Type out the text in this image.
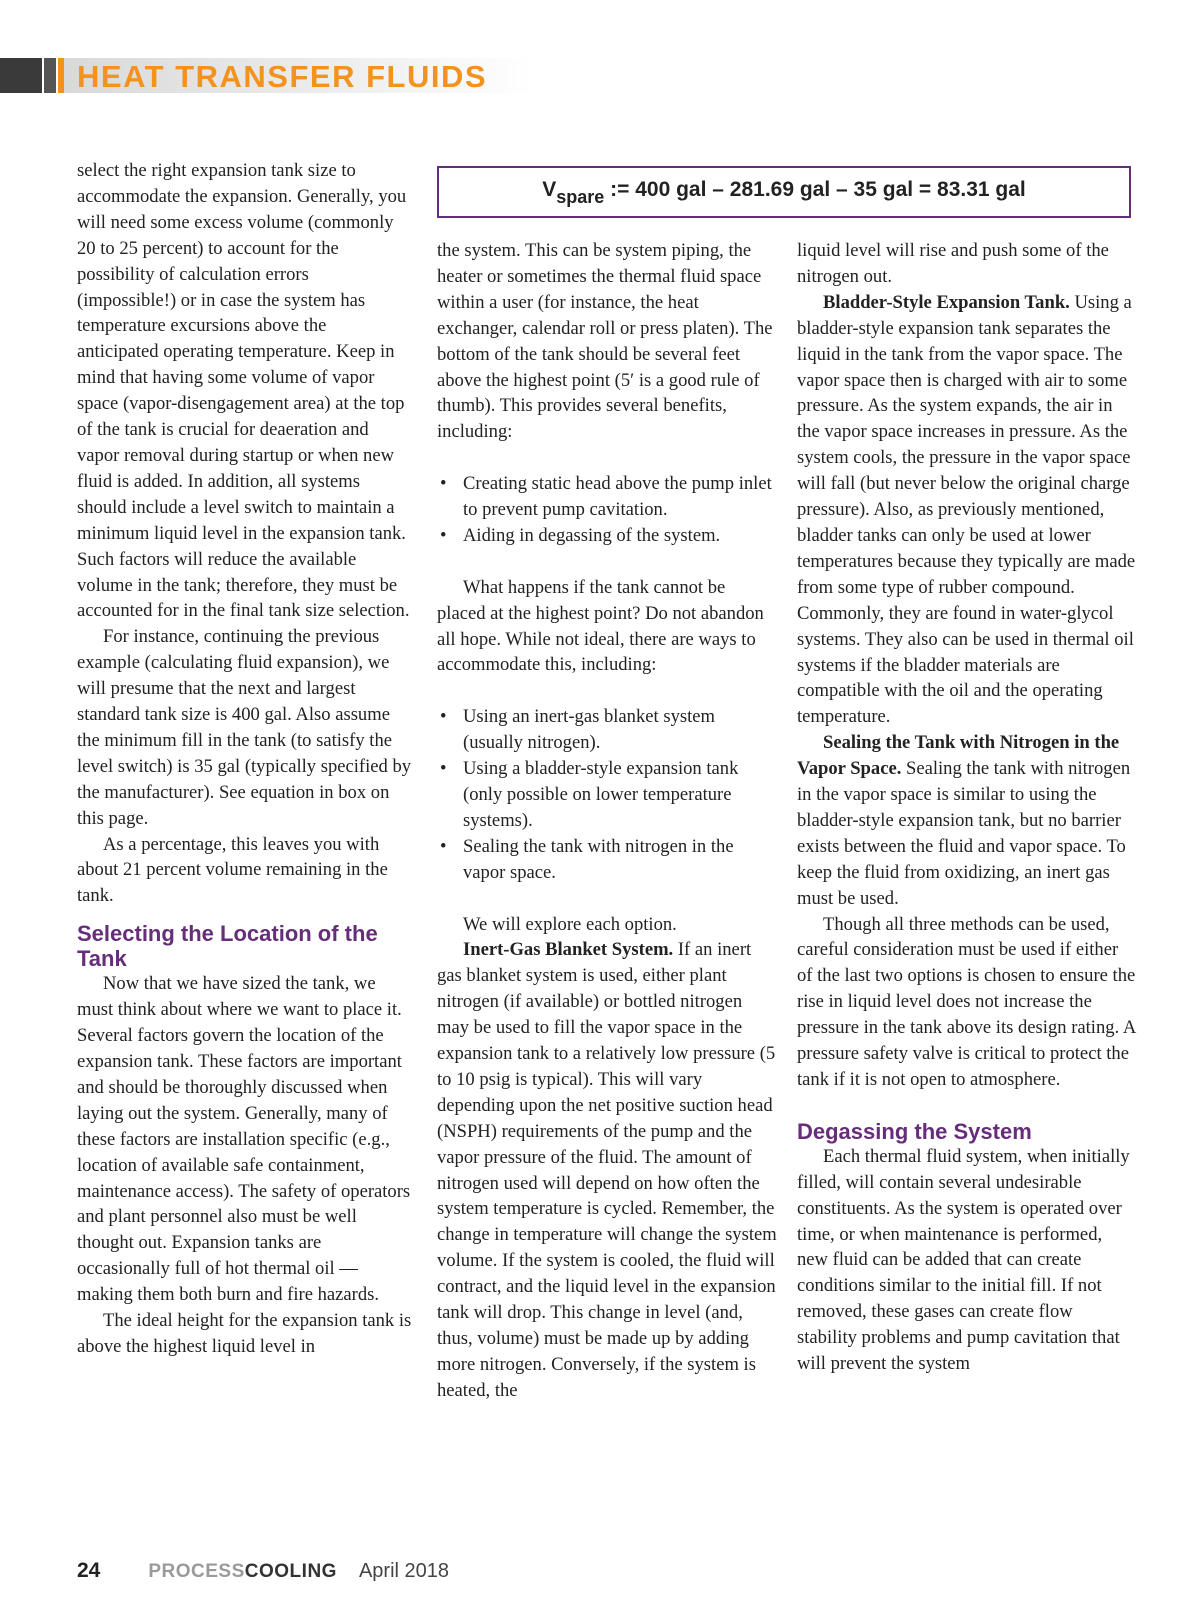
HEAT TRANSFER FLUIDS
$V_{spare}$ := 400 gal – 281.69 gal – 35 gal = 83.31 gal

select the right expansion tank size to accommodate the expansion. Generally, you will need some excess volume (commonly 20 to 25 percent) to account for the possibility of calculation errors (impossible!) or in case the system has temperature excursions above the anticipated operating temperature. Keep in mind that having some volume of vapor space (vapor-disengagement area) at the top of the tank is crucial for deaeration and vapor removal during startup or when new fluid is added. In addition, all systems should include a level switch to maintain a minimum liquid level in the expansion tank. Such factors will reduce the available volume in the tank; therefore, they must be accounted for in the final tank size selection.

For instance, continuing the previous example (calculating fluid expansion), we will presume that the next and largest standard tank size is 400 gal. Also assume the minimum fill in the tank (to satisfy the level switch) is 35 gal (typically specified by the manufacturer). See equation in box on this page.

As a percentage, this leaves you with about 21 percent volume remaining in the tank.

Selecting the Location of the Tank

Now that we have sized the tank, we must think about where we want to place it. Several factors govern the location of the expansion tank. These factors are important and should be thoroughly discussed when laying out the system. Generally, many of these factors are installation specific (e.g., location of available safe containment, maintenance access). The safety of operators and plant personnel also must be well thought out. Expansion tanks are occasionally full of hot thermal oil — making them both burn and fire hazards.

The ideal height for the expansion tank is above the highest liquid level in

the system. This can be system piping, the heater or sometimes the thermal fluid space within a user (for instance, the heat exchanger, calendar roll or press platen). The bottom of the tank should be several feet above the highest point (5′ is a good rule of thumb). This provides several benefits, including:

• Creating static head above the pump inlet to prevent pump cavitation.
• Aiding in degassing of the system.

What happens if the tank cannot be placed at the highest point? Do not abandon all hope. While not ideal, there are ways to accommodate this, including:

• Using an inert-gas blanket system (usually nitrogen).
• Using a bladder-style expansion tank (only possible on lower temperature systems).
• Sealing the tank with nitrogen in the vapor space.

We will explore each option.

Inert-Gas Blanket System. If an inert gas blanket system is used, either plant nitrogen (if available) or bottled nitrogen may be used to fill the vapor space in the expansion tank to a relatively low pressure (5 to 10 psig is typical). This will vary depending upon the net positive suction head (NSPH) requirements of the pump and the vapor pressure of the fluid. The amount of nitrogen used will depend on how often the system temperature is cycled. Remember, the change in temperature will change the system volume. If the system is cooled, the fluid will contract, and the liquid level in the expansion tank will drop. This change in level (and, thus, volume) must be made up by adding more nitrogen. Conversely, if the system is heated, the

liquid level will rise and push some of the nitrogen out.

Bladder-Style Expansion Tank. Using a bladder-style expansion tank separates the liquid in the tank from the vapor space. The vapor space then is charged with air to some pressure. As the system expands, the air in the vapor space increases in pressure. As the system cools, the pressure in the vapor space will fall (but never below the original charge pressure). Also, as previously mentioned, bladder tanks can only be used at lower temperatures because they typically are made from some type of rubber compound. Commonly, they are found in water-glycol systems. They also can be used in thermal oil systems if the bladder materials are compatible with the oil and the operating temperature.

Sealing the Tank with Nitrogen in the Vapor Space. Sealing the tank with nitrogen in the vapor space is similar to using the bladder-style expansion tank, but no barrier exists between the fluid and vapor space. To keep the fluid from oxidizing, an inert gas must be used.

Though all three methods can be used, careful consideration must be used if either of the last two options is chosen to ensure the rise in liquid level does not increase the pressure in the tank above its design rating. A pressure safety valve is critical to protect the tank if it is not open to atmosphere.

Degassing the System

Each thermal fluid system, when initially filled, will contain several undesirable constituents. As the system is operated over time, or when maintenance is performed, new fluid can be added that can create conditions similar to the initial fill. If not removed, these gases can create flow stability problems and pump cavitation that will prevent the system

24	PROCESSCOOLING April 2018
